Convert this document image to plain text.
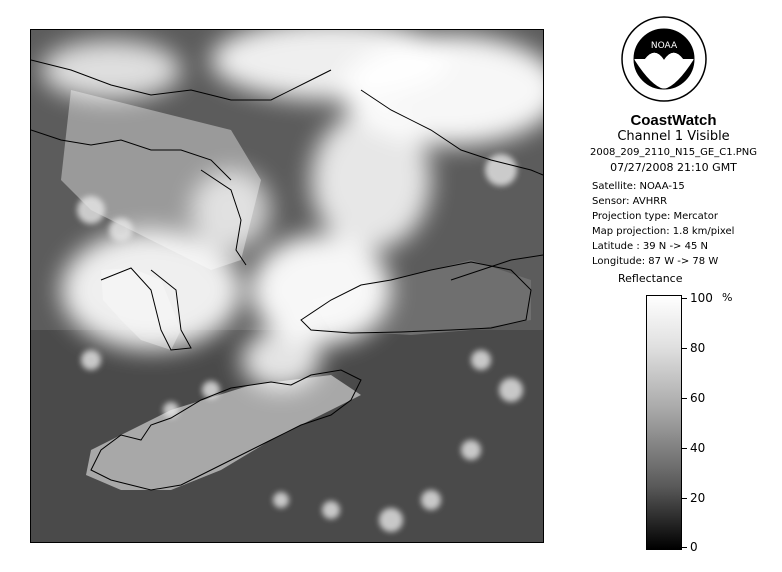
NOAA
CoastWatch
Channel 1 Visible
2008_209_2110_N15_GE_C1.PNG
07/27/2008 21:10 GMT
Satellite: NOAA-15
Sensor: AVHRR
Projection type: Mercator
Map projection: 1.8 km/pixel
Latitude : 39 N -> 45 N
Longitude: 87 W -> 78 W
Reflectance
%
100
80
60
40
20
0
